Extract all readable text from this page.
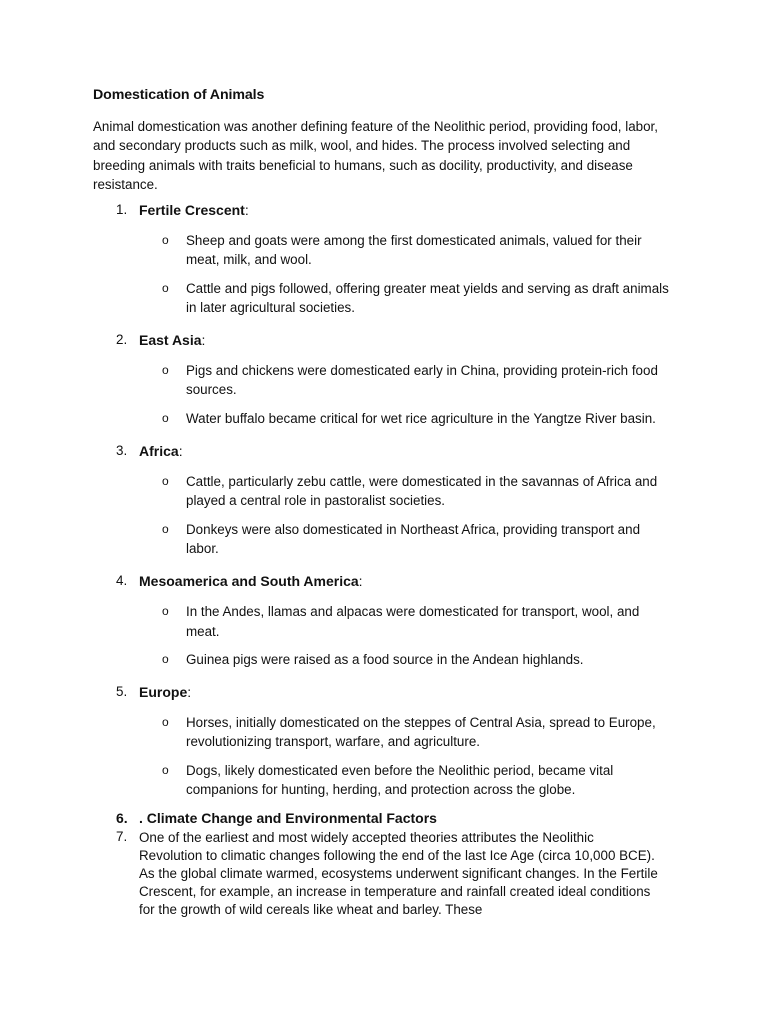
Domestication of Animals
Animal domestication was another defining feature of the Neolithic period, providing food, labor, and secondary products such as milk, wool, and hides. The process involved selecting and breeding animals with traits beneficial to humans, such as docility, productivity, and disease resistance.
1. Fertile Crescent:
o Sheep and goats were among the first domesticated animals, valued for their meat, milk, and wool.
o Cattle and pigs followed, offering greater meat yields and serving as draft animals in later agricultural societies.
2. East Asia:
o Pigs and chickens were domesticated early in China, providing protein-rich food sources.
o Water buffalo became critical for wet rice agriculture in the Yangtze River basin.
3. Africa:
o Cattle, particularly zebu cattle, were domesticated in the savannas of Africa and played a central role in pastoralist societies.
o Donkeys were also domesticated in Northeast Africa, providing transport and labor.
4. Mesoamerica and South America:
o In the Andes, llamas and alpacas were domesticated for transport, wool, and meat.
o Guinea pigs were raised as a food source in the Andean highlands.
5. Europe:
o Horses, initially domesticated on the steppes of Central Asia, spread to Europe, revolutionizing transport, warfare, and agriculture.
o Dogs, likely domesticated even before the Neolithic period, became vital companions for hunting, herding, and protection across the globe.
6. . Climate Change and Environmental Factors
7. One of the earliest and most widely accepted theories attributes the Neolithic Revolution to climatic changes following the end of the last Ice Age (circa 10,000 BCE). As the global climate warmed, ecosystems underwent significant changes. In the Fertile Crescent, for example, an increase in temperature and rainfall created ideal conditions for the growth of wild cereals like wheat and barley. These
